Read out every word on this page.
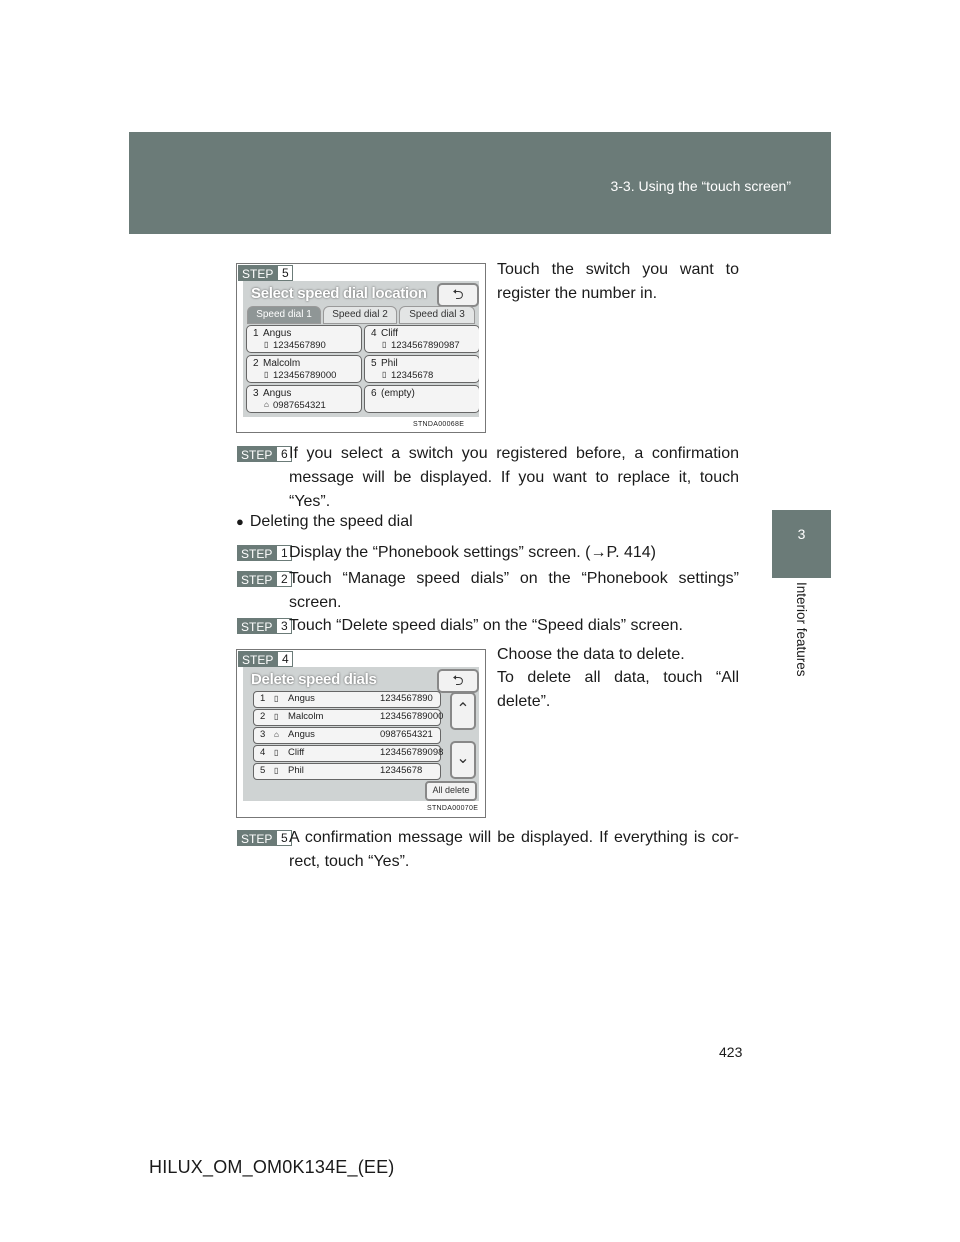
3-3. Using the “touch screen”
3
Interior features
STEP 5
Select speed dial location	⮌
Speed dial 1	Speed dial 2	Speed dial 3
1 Angus
▯ 1234567890
2 Malcolm
▯ 123456789000
3 Angus
⌂ 0987654321
4 Cliff
▯ 1234567890987
5 Phil
▯ 12345678
6 (empty)
STNDA00068E
Touch the switch you want to register the number in.
STEP 6 If you select a switch you registered before, a confirmation message will be displayed. If you want to replace it, touch “Yes”.
● Deleting the speed dial
STEP 1 Display the “Phonebook settings” screen. (→P. 414)
STEP 2 Touch “Manage speed dials” on the “Phonebook settings” screen.
STEP 3 Touch “Delete speed dials” on the “Speed dials” screen.
STEP 4
Delete speed dials	⮌
1 ▯ Angus	1234567890
2 ▯ Malcolm	123456789000
3 ⌂ Angus	0987654321
4 ▯ Cliff	123456789098
5 ▯ Phil	12345678
⌃
⌄
All delete
STNDA00070E
Choose the data to delete.
To delete all data, touch “All delete”.
STEP 5 A confirmation message will be displayed. If everything is cor- rect, touch “Yes”.
423
HILUX_OM_OM0K134E_(EE)
